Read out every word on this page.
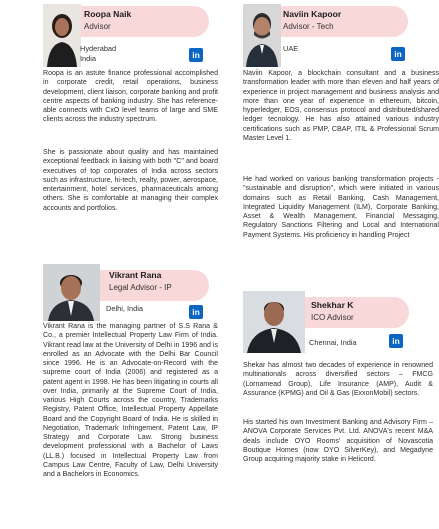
Roopa Naik
Advisor
Hyderabad
India	in
Roopa is an astute finance professional accomplished in corporate credit, retail operations, business development, client liaison, corporate banking and profit centre aspects of banking industry. She has reference-able connects with CxO level teams of large and SME clients across the industry spectrum.
She is passionate about quality and has maintained exceptional feedback in liaising with both "C" and board executives of top corporates of India across sectors such as infrastructure, hi-tech, realty, power, aerospace, entertainment, hotel services, pharmaceuticals among others. She is comfortable at managing their complex accounts and portfolios.
Naviin Kapoor
Advisor - Tech
UAE
in
Naviin Kapoor, a blockchain consultant and a business transformation leader with more than eleven and half years of experience in project management and business analysis and more than one year of experience in ethereum, bitcoin, hyperledger, EOS, consensus protocol and distributed/shared ledger tecnology. He has also attained various industry certifications such as PMP, CBAP, ITIL & Professional Scrum Master Level 1.
He had worked on various banking transformation projects - "sustainable and disruption", which were initiated in various domains such as Retail Banking, Cash Management, Integrated Liquidity Management (ILM), Corporate Banking, Asset & Wealth Management, Financial Messaging, Regulatory Sanctions Filtering and Local and International Payment Systems. His proficiency in handling Project
Vikrant Rana
Legal Advisor - IP
Delhi, India	in
Vikrant Rana is the managing partner of S.S Rana & Co., a premier Intellectual Property Law Firm of India. Vikrant read law at the University of Delhi in 1996 and is enrolled as an Advocate with the Delhi Bar Council since 1996. He is an Advocate-on-Record with the supreme court of India (2006) and registered as a patent agent in 1998. He has been litigating in courts all over India, primarily at the Supreme Court of India, various High Courts across the country, Trademarks Registry, Patent Office, Intellectual Property Appellate Board and the Copyright Board of India. He is skilled in Negotiation, Trademark Infringement, Patent Law, IP Strategy and Corporate Law. Strong business development professional with a Bachelor of Laws (LL.B.) focused in Intellectual Property Law from Campus Law Centre, Faculty of Law, Delhi University and a Bachelors in Economics.
Shekhar K
ICO Advisor
Chennai, India	in
Shekar has almost two decades of experience in renowned multinationals across diversified sectors – FMCG (Lornamead Group), Life Insurance (AMP), Audit & Assurance (KPMG) and Oil & Gas (ExxonMobil) sectors.
His started his own Investment Banking and Advisory Firm – ANOVA Corporate Services Pvt. Ltd. ANOVA's recent M&A deals include OYO Rooms' acquisition of Novascotia Boutique Homes (now OYO SilverKey), and Megadyne Group acquiring majority stake in Helicord.
